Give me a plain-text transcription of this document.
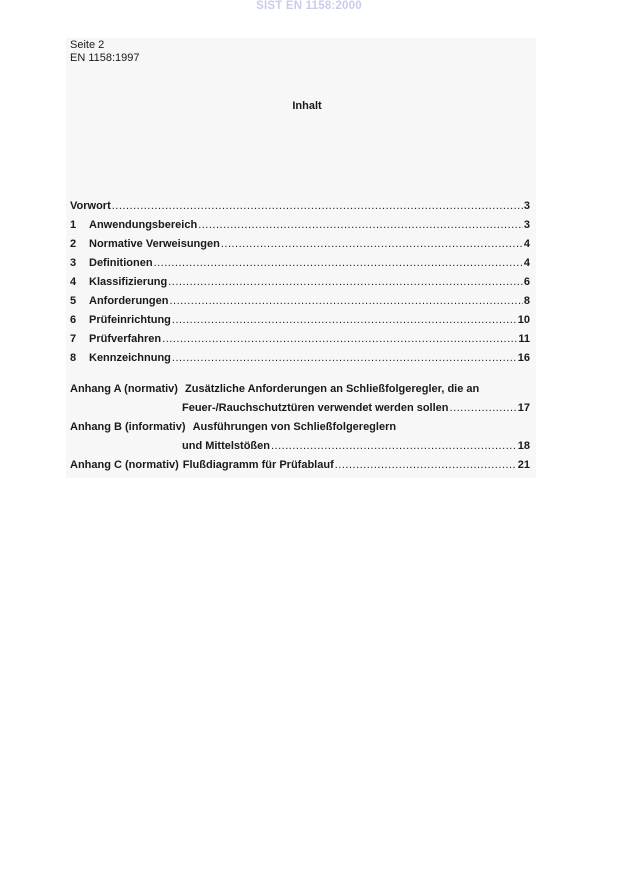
SIST EN 1158:2000
Seite 2
EN 1158:1997
Inhalt
Vorwort .....	3
1	Anwendungsbereich .....	3
2	Normative Verweisungen .....	4
3	Definitionen .....	4
4	Klassifizierung .....	6
5	Anforderungen .....	8
6	Prüfeinrichtung .....	10
7	Prüfverfahren .....	11
8	Kennzeichnung .....	16
Anhang A (normativ) Zusätzliche Anforderungen an Schließfolgeregler, die an
Feuer-/Rauchschutztüren verwendet werden sollen .....	17
Anhang B (informativ) Ausführungen von Schließfolgereglern
und Mittelstößen .....	18
Anhang C (normativ) Flußdiagramm für Prüfablauf .....	21
